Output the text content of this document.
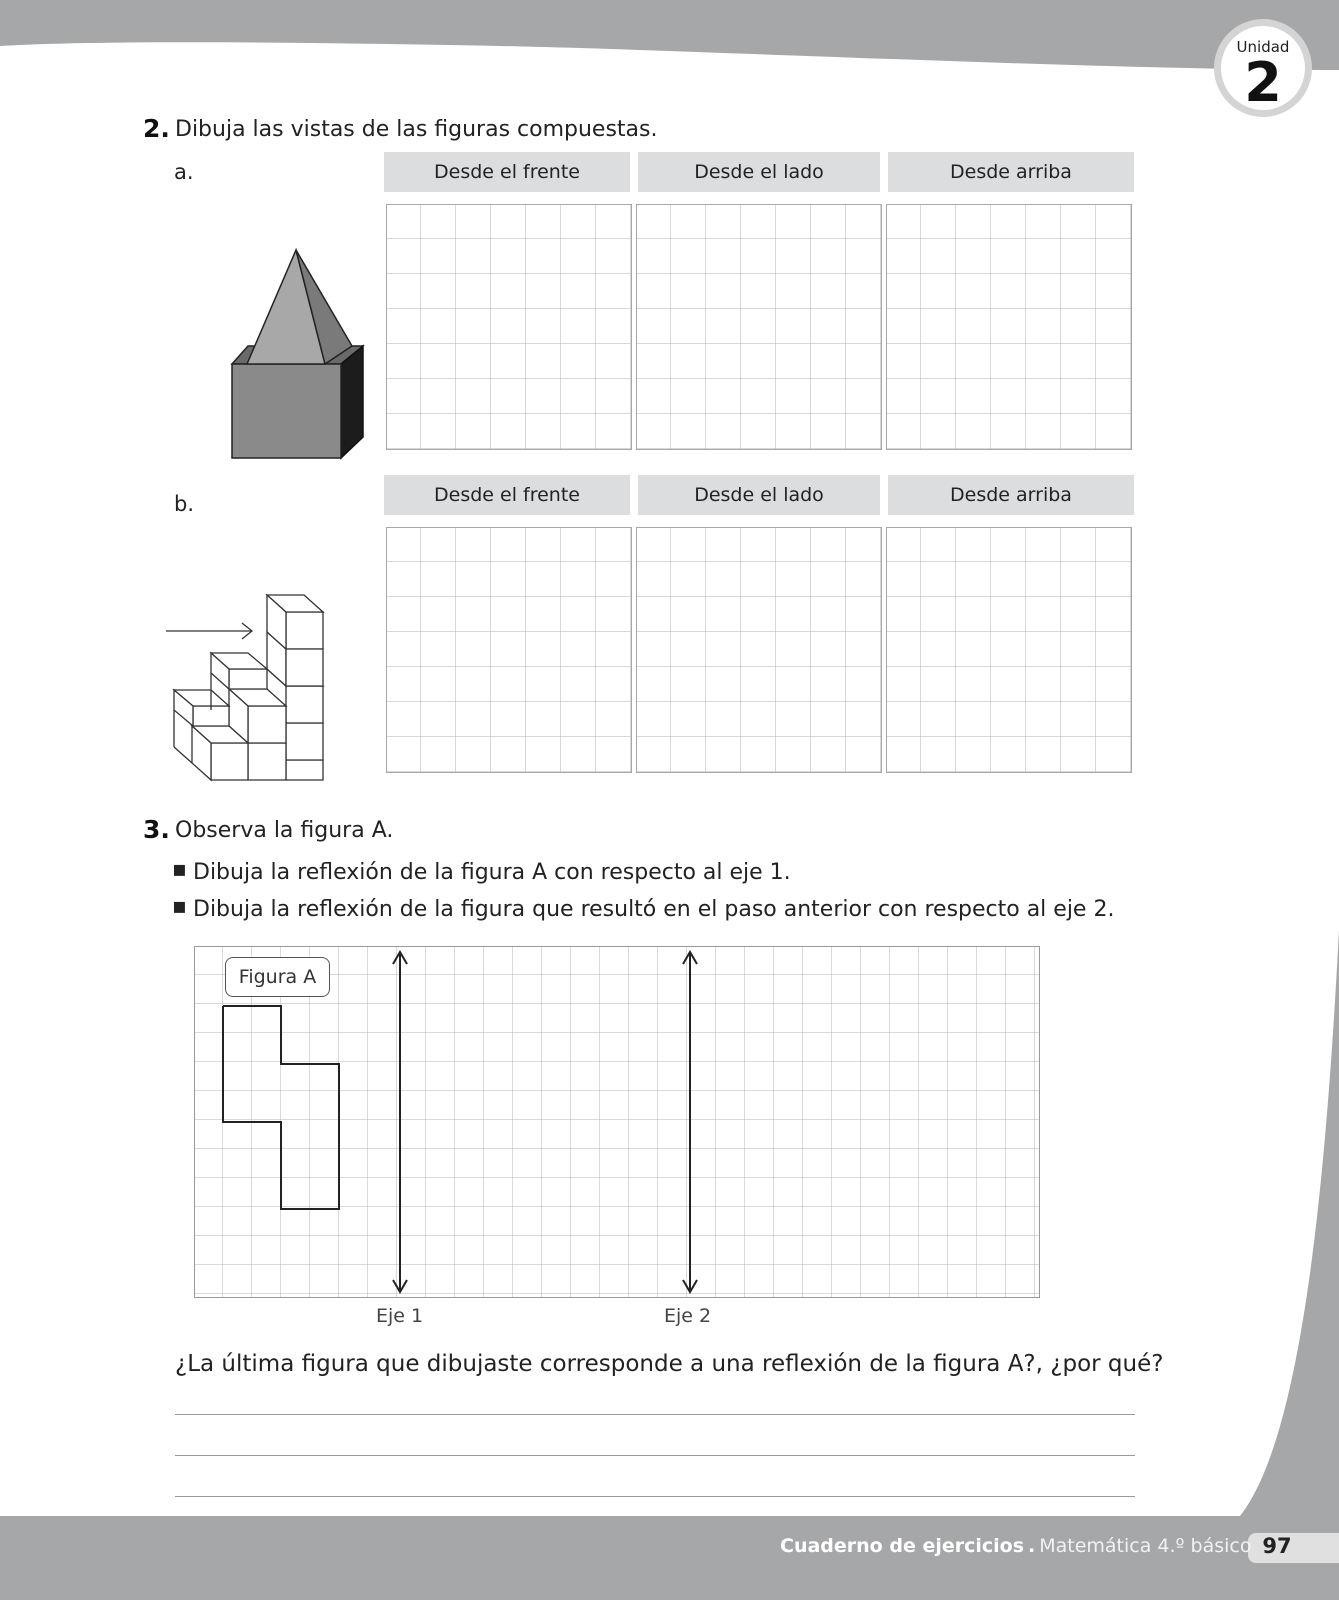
Unidad
2
2. Dibuja las vistas de las figuras compuestas.
a.
b.
Desde el frente	Desde el lado	Desde arriba
Desde el frente	Desde el lado	Desde arriba
3. Observa la figura A.
▪ Dibuja la reflexión de la figura A con respecto al eje 1.
▪ Dibuja la reflexión de la figura que resultó en el paso anterior con respecto al eje 2.
Figura A
Eje 1	Eje 2
¿La última figura que dibujaste corresponde a una reflexión de la figura A?, ¿por qué?
Cuaderno de ejercicios . Matemática 4.º básico 97
